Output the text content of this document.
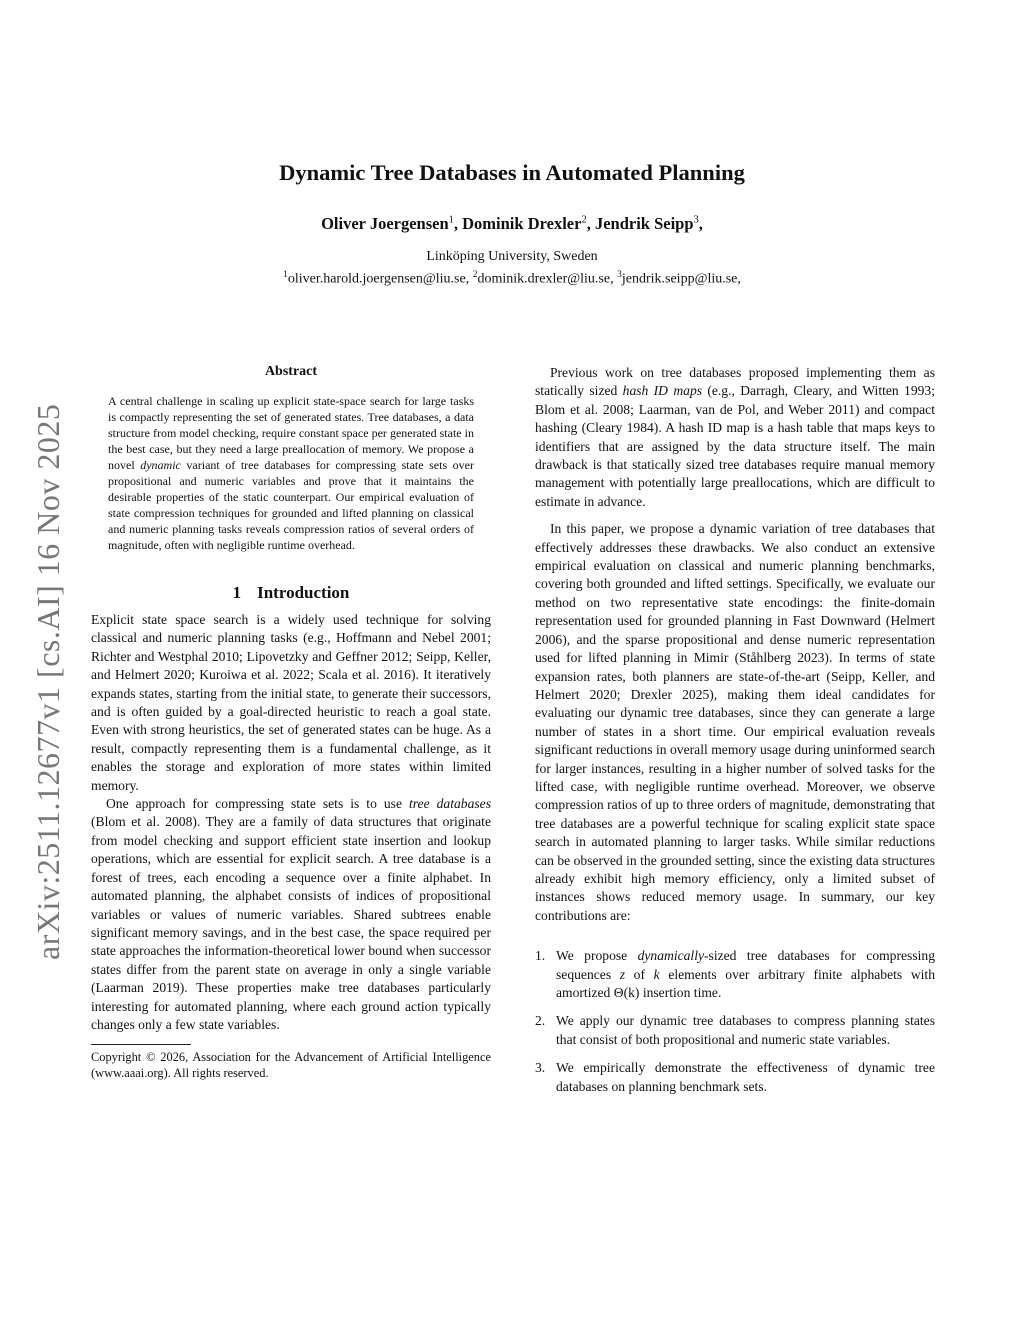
arXiv:2511.12677v1 [cs.AI] 16 Nov 2025
Dynamic Tree Databases in Automated Planning
Oliver Joergensen$^1$, Dominik Drexler$^2$, Jendrik Seipp$^3$,
Linköping University, Sweden
$^1$oliver.harold.joergensen@liu.se, $^2$dominik.drexler@liu.se, $^3$jendrik.seipp@liu.se,
Abstract
A central challenge in scaling up explicit state-space search for large tasks is compactly representing the set of generated states. Tree databases, a data structure from model checking, require constant space per generated state in the best case, but they need a large preallocation of memory. We propose a novel dynamic variant of tree databases for compressing state sets over propositional and numeric variables and prove that it maintains the desirable properties of the static counterpart. Our empirical evaluation of state compression techniques for grounded and lifted planning on classical and numeric planning tasks reveals compression ratios of several orders of magnitude, often with negligible runtime overhead.
1 Introduction

Explicit state space search is a widely used technique for solving classical and numeric planning tasks (e.g., Hoffmann and Nebel 2001; Richter and Westphal 2010; Lipovetzky and Geffner 2012; Seipp, Keller, and Helmert 2020; Kuroiwa et al. 2022; Scala et al. 2016). It iteratively expands states, starting from the initial state, to generate their successors, and is often guided by a goal-directed heuristic to reach a goal state. Even with strong heuristics, the set of generated states can be huge. As a result, compactly representing them is a fundamental challenge, as it enables the storage and exploration of more states within limited memory.

One approach for compressing state sets is to use tree databases (Blom et al. 2008). They are a family of data structures that originate from model checking and support efficient state insertion and lookup operations, which are essential for explicit search. A tree database is a forest of trees, each encoding a sequence over a finite alphabet. In automated planning, the alphabet consists of indices of propositional variables or values of numeric variables. Shared subtrees enable significant memory savings, and in the best case, the space required per state approaches the information-theoretical lower bound when successor states differ from the parent state on average in only a single variable (Laarman 2019). These properties make tree databases particularly interesting for automated planning, where each ground action typically changes only a few state variables.

Copyright © 2026, Association for the Advancement of Artificial Intelligence (www.aaai.org). All rights reserved.

Previous work on tree databases proposed implementing them as statically sized hash ID maps (e.g., Darragh, Cleary, and Witten 1993; Blom et al. 2008; Laarman, van de Pol, and Weber 2011) and compact hashing (Cleary 1984). A hash ID map is a hash table that maps keys to identifiers that are assigned by the data structure itself. The main drawback is that statically sized tree databases require manual memory management with potentially large preallocations, which are difficult to estimate in advance.

In this paper, we propose a dynamic variation of tree databases that effectively addresses these drawbacks. We also conduct an extensive empirical evaluation on classical and numeric planning benchmarks, covering both grounded and lifted settings. Specifically, we evaluate our method on two representative state encodings: the finite-domain representation used for grounded planning in Fast Downward (Helmert 2006), and the sparse propositional and dense numeric representation used for lifted planning in Mimir (Ståhlberg 2023). In terms of state expansion rates, both planners are state-of-the-art (Seipp, Keller, and Helmert 2020; Drexler 2025), making them ideal candidates for evaluating our dynamic tree databases, since they can generate a large number of states in a short time. Our empirical evaluation reveals significant reductions in overall memory usage during uninformed search for larger instances, resulting in a higher number of solved tasks for the lifted case, with negligible runtime overhead. Moreover, we observe compression ratios of up to three orders of magnitude, demonstrating that tree databases are a powerful technique for scaling explicit state space search in automated planning to larger tasks. While similar reductions can be observed in the grounded setting, since the existing data structures already exhibit high memory efficiency, only a limited subset of instances shows reduced memory usage. In summary, our key contributions are:

1. We propose dynamically-sized tree databases for compressing sequences z of k elements over arbitrary finite alphabets with amortized Θ(k) insertion time.
2. We apply our dynamic tree databases to compress planning states that consist of both propositional and numeric state variables.
3. We empirically demonstrate the effectiveness of dynamic tree databases on planning benchmark sets.
